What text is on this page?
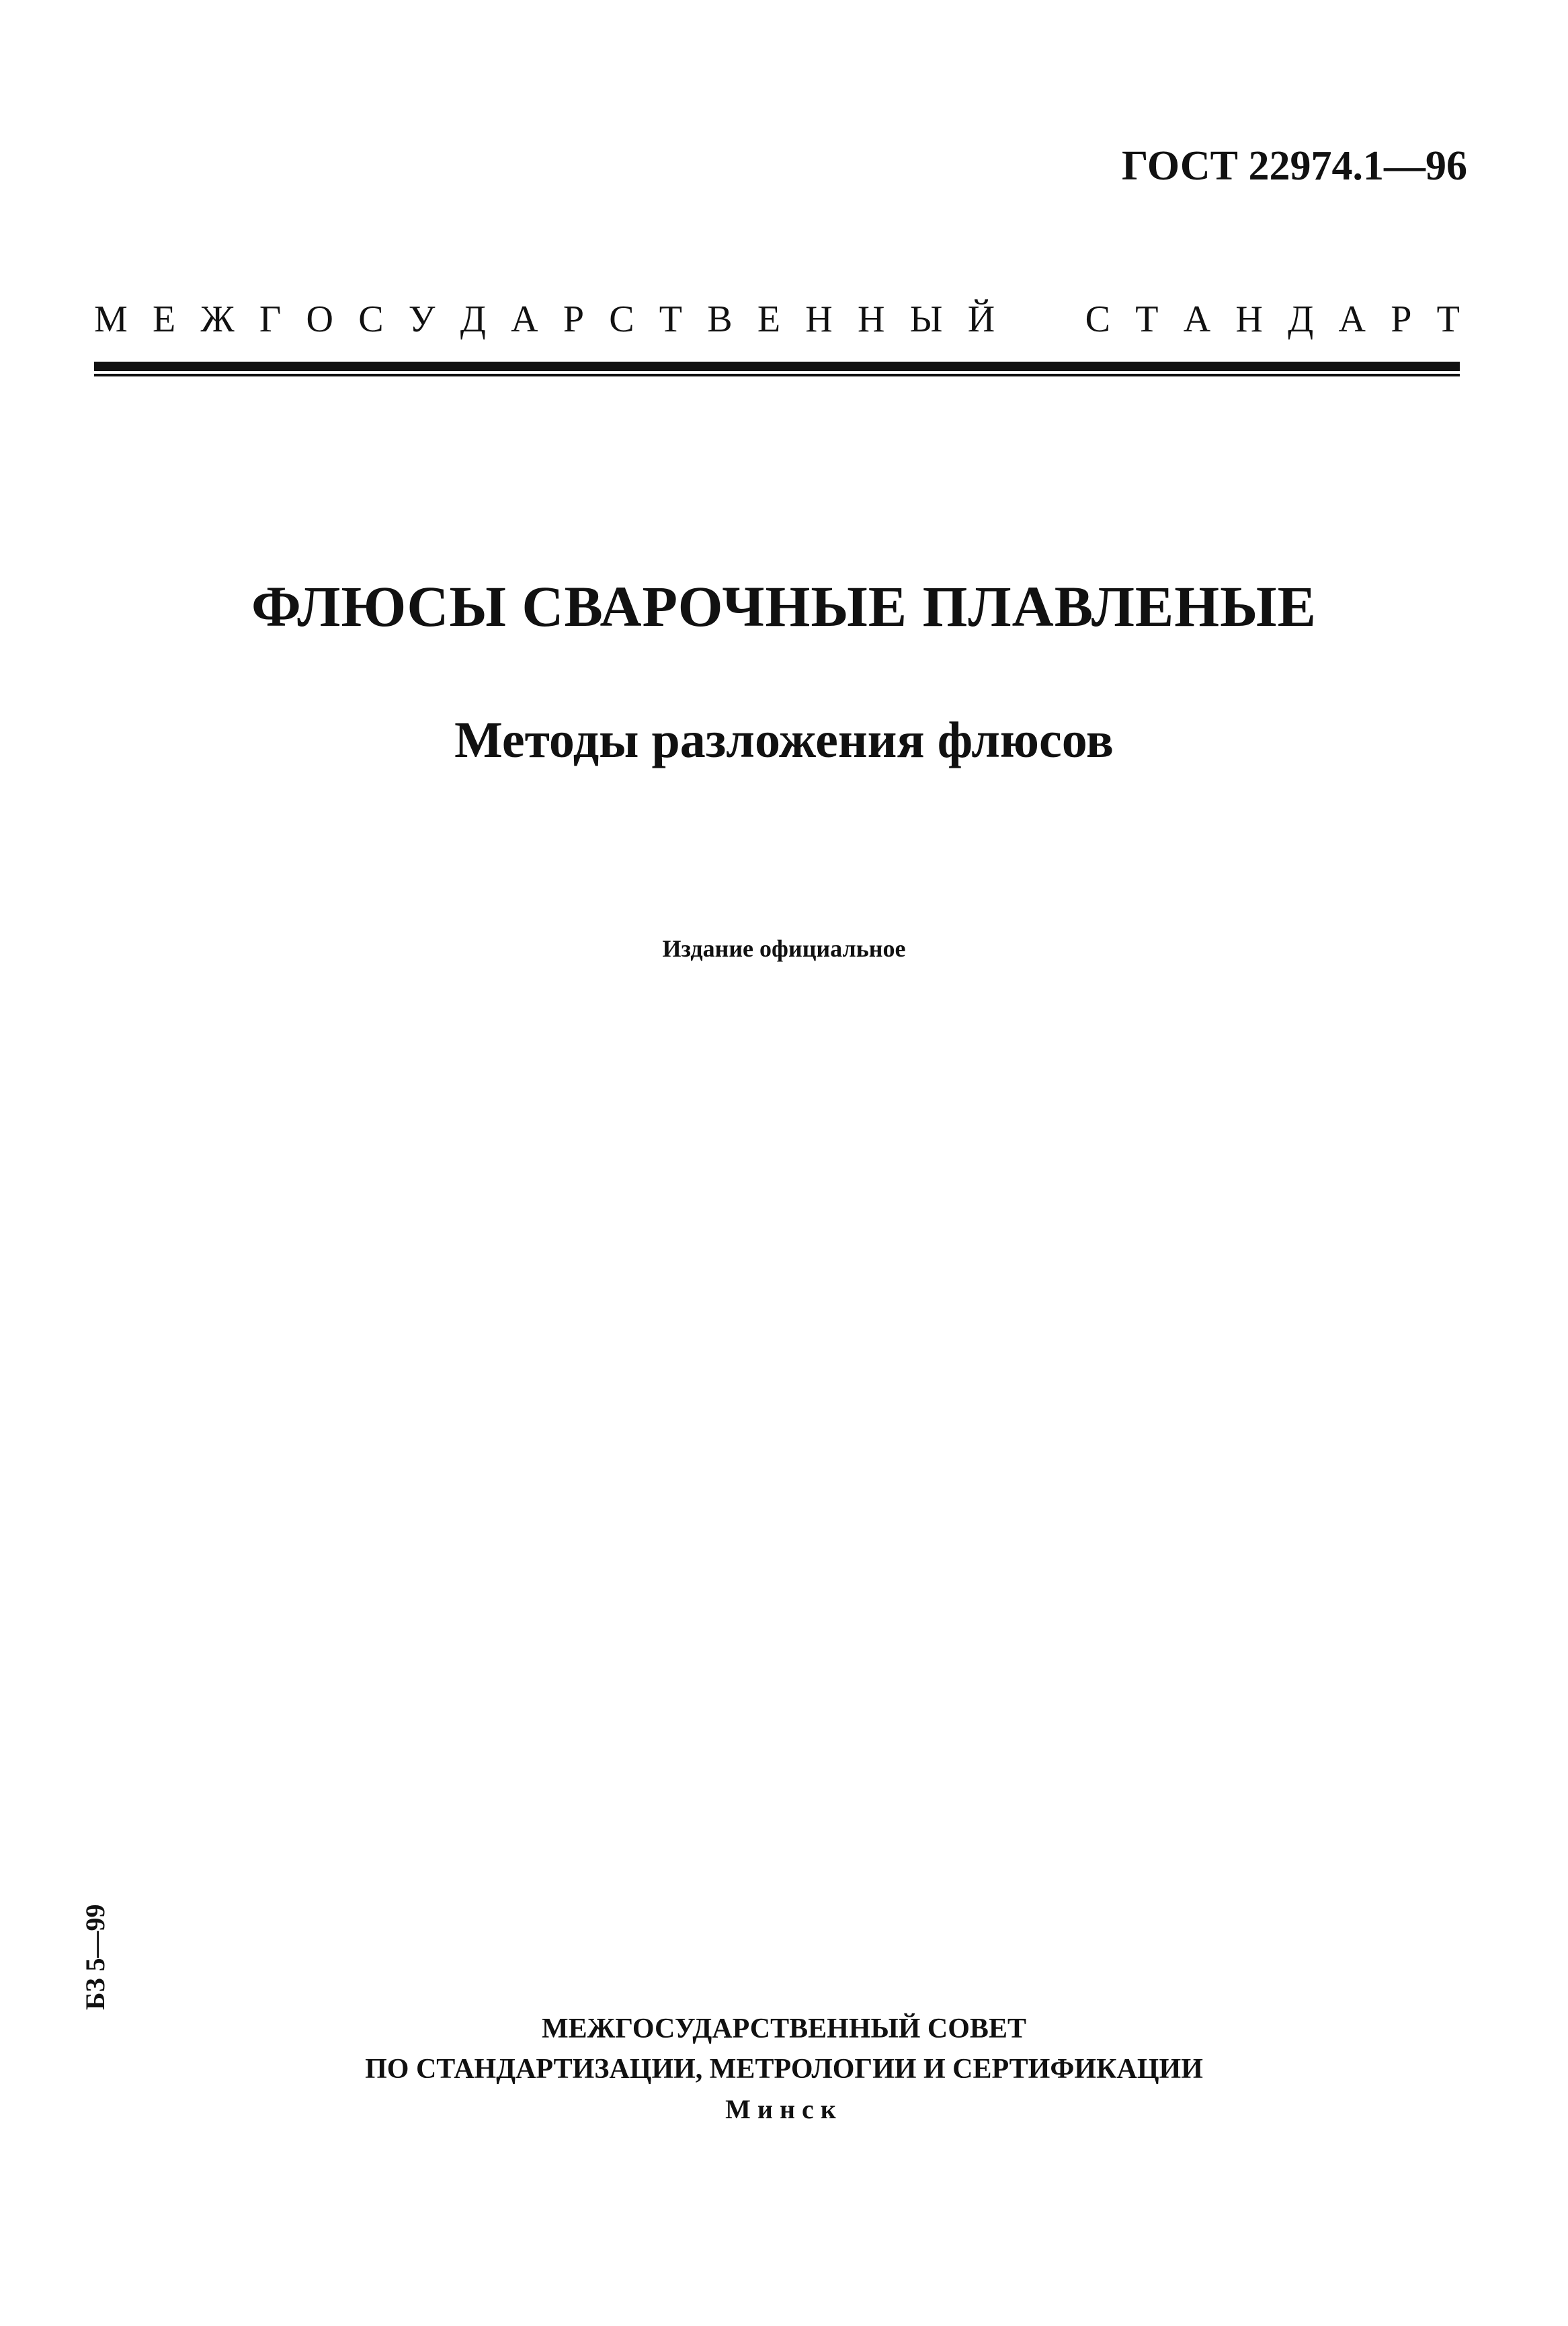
ГОСТ 22974.1—96
М Е Ж Г О С У Д А Р С Т В Е Н Н Ы Й С Т А Н Д А Р Т
ФЛЮСЫ СВАРОЧНЫЕ ПЛАВЛЕНЫЕ
Методы разложения флюсов
Издание официальное
БЗ 5—99
МЕЖГОСУДАРСТВЕННЫЙ СОВЕТ
ПО СТАНДАРТИЗАЦИИ, МЕТРОЛОГИИ И СЕРТИФИКАЦИИ
Минск
